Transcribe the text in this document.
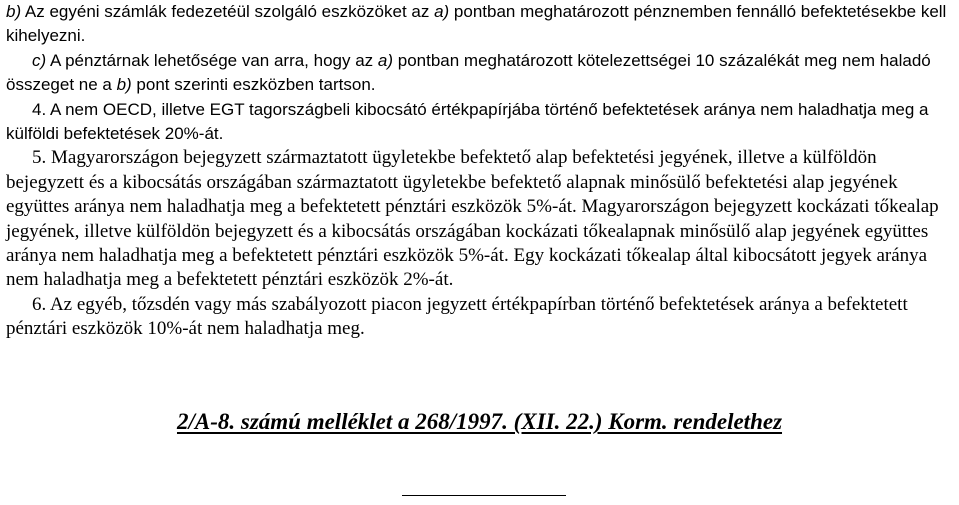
b) Az egyéni számlák fedezetéül szolgáló eszközöket az a) pontban meghatározott pénznemben fennálló befektetésekbe kell kihelyezni.

c) A pénztárnak lehetősége van arra, hogy az a) pontban meghatározott kötelezettségei 10 százalékát meg nem haladó összeget ne a b) pont szerinti eszközben tartson.

4. A nem OECD, illetve EGT tagországbeli kibocsátó értékpapírjába történő befektetések aránya nem haladhatja meg a külföldi befektetések 20%-át.

5. Magyarországon bejegyzett származtatott ügyletekbe befektető alap befektetési jegyének, illetve a külföldön bejegyzett és a kibocsátás országában származtatott ügyletekbe befektető alapnak minősülő befektetési alap jegyének együttes aránya nem haladhatja meg a befektetett pénztári eszközök 5%-át. Magyarországon bejegyzett kockázati tőkealap jegyének, illetve külföldön bejegyzett és a kibocsátás országában kockázati tőkealapnak minősülő alap jegyének együttes aránya nem haladhatja meg a befektetett pénztári eszközök 5%-át. Egy kockázati tőkealap által kibocsátott jegyek aránya nem haladhatja meg a befektetett pénztári eszközök 2%-át.

6. Az egyéb, tőzsdén vagy más szabályozott piacon jegyzett értékpapírban történő befektetések aránya a befektetett pénztári eszközök 10%-át nem haladhatja meg.

2/A-8. számú melléklet a 268/1997. (XII. 22.) Korm. rendelethez
